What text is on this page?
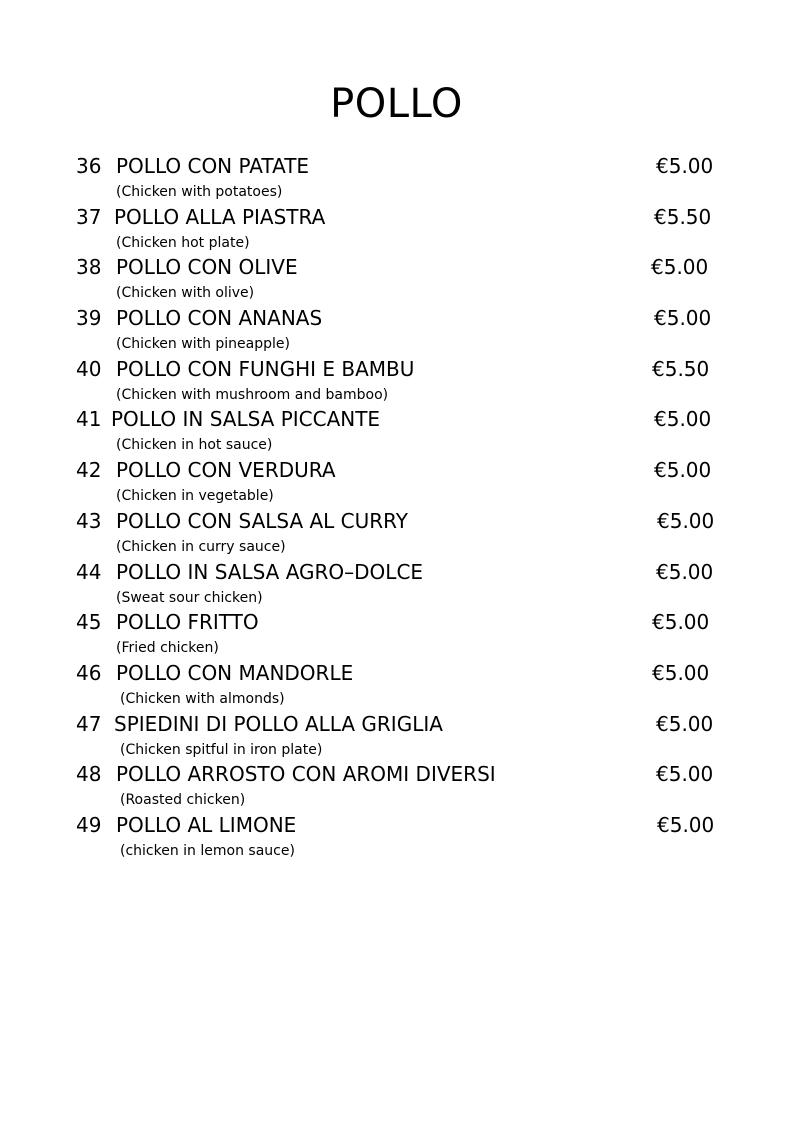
POLLO
36 POLLO CON PATATE
(Chicken with potatoes)
€5.00
37 POLLO ALLA PIASTRA
(Chicken hot plate)
€5.50
38 POLLO CON OLIVE
(Chicken with olive)
€5.00
39 POLLO CON ANANAS
(Chicken with pineapple)
€5.00
40 POLLO CON FUNGHI E BAMBU
(Chicken with mushroom and bamboo)
€5.50
41 POLLO IN SALSA PICCANTE
(Chicken in hot sauce)
€5.00
42 POLLO CON VERDURA
(Chicken in vegetable)
€5.00
43 POLLO CON SALSA AL CURRY
(Chicken in curry sauce)
€5.00
44 POLLO IN SALSA AGRO–DOLCE
(Sweat sour chicken)
€5.00
45 POLLO FRITTO
(Fried chicken)
€5.00
46 POLLO CON MANDORLE
(Chicken with almonds)
€5.00
47 SPIEDINI DI POLLO ALLA GRIGLIA
(Chicken spitful in iron plate)
€5.00
48 POLLO ARROSTO CON AROMI DIVERSI
(Roasted chicken)
€5.00
49 POLLO AL LIMONE
(chicken in lemon sauce)
€5.00
